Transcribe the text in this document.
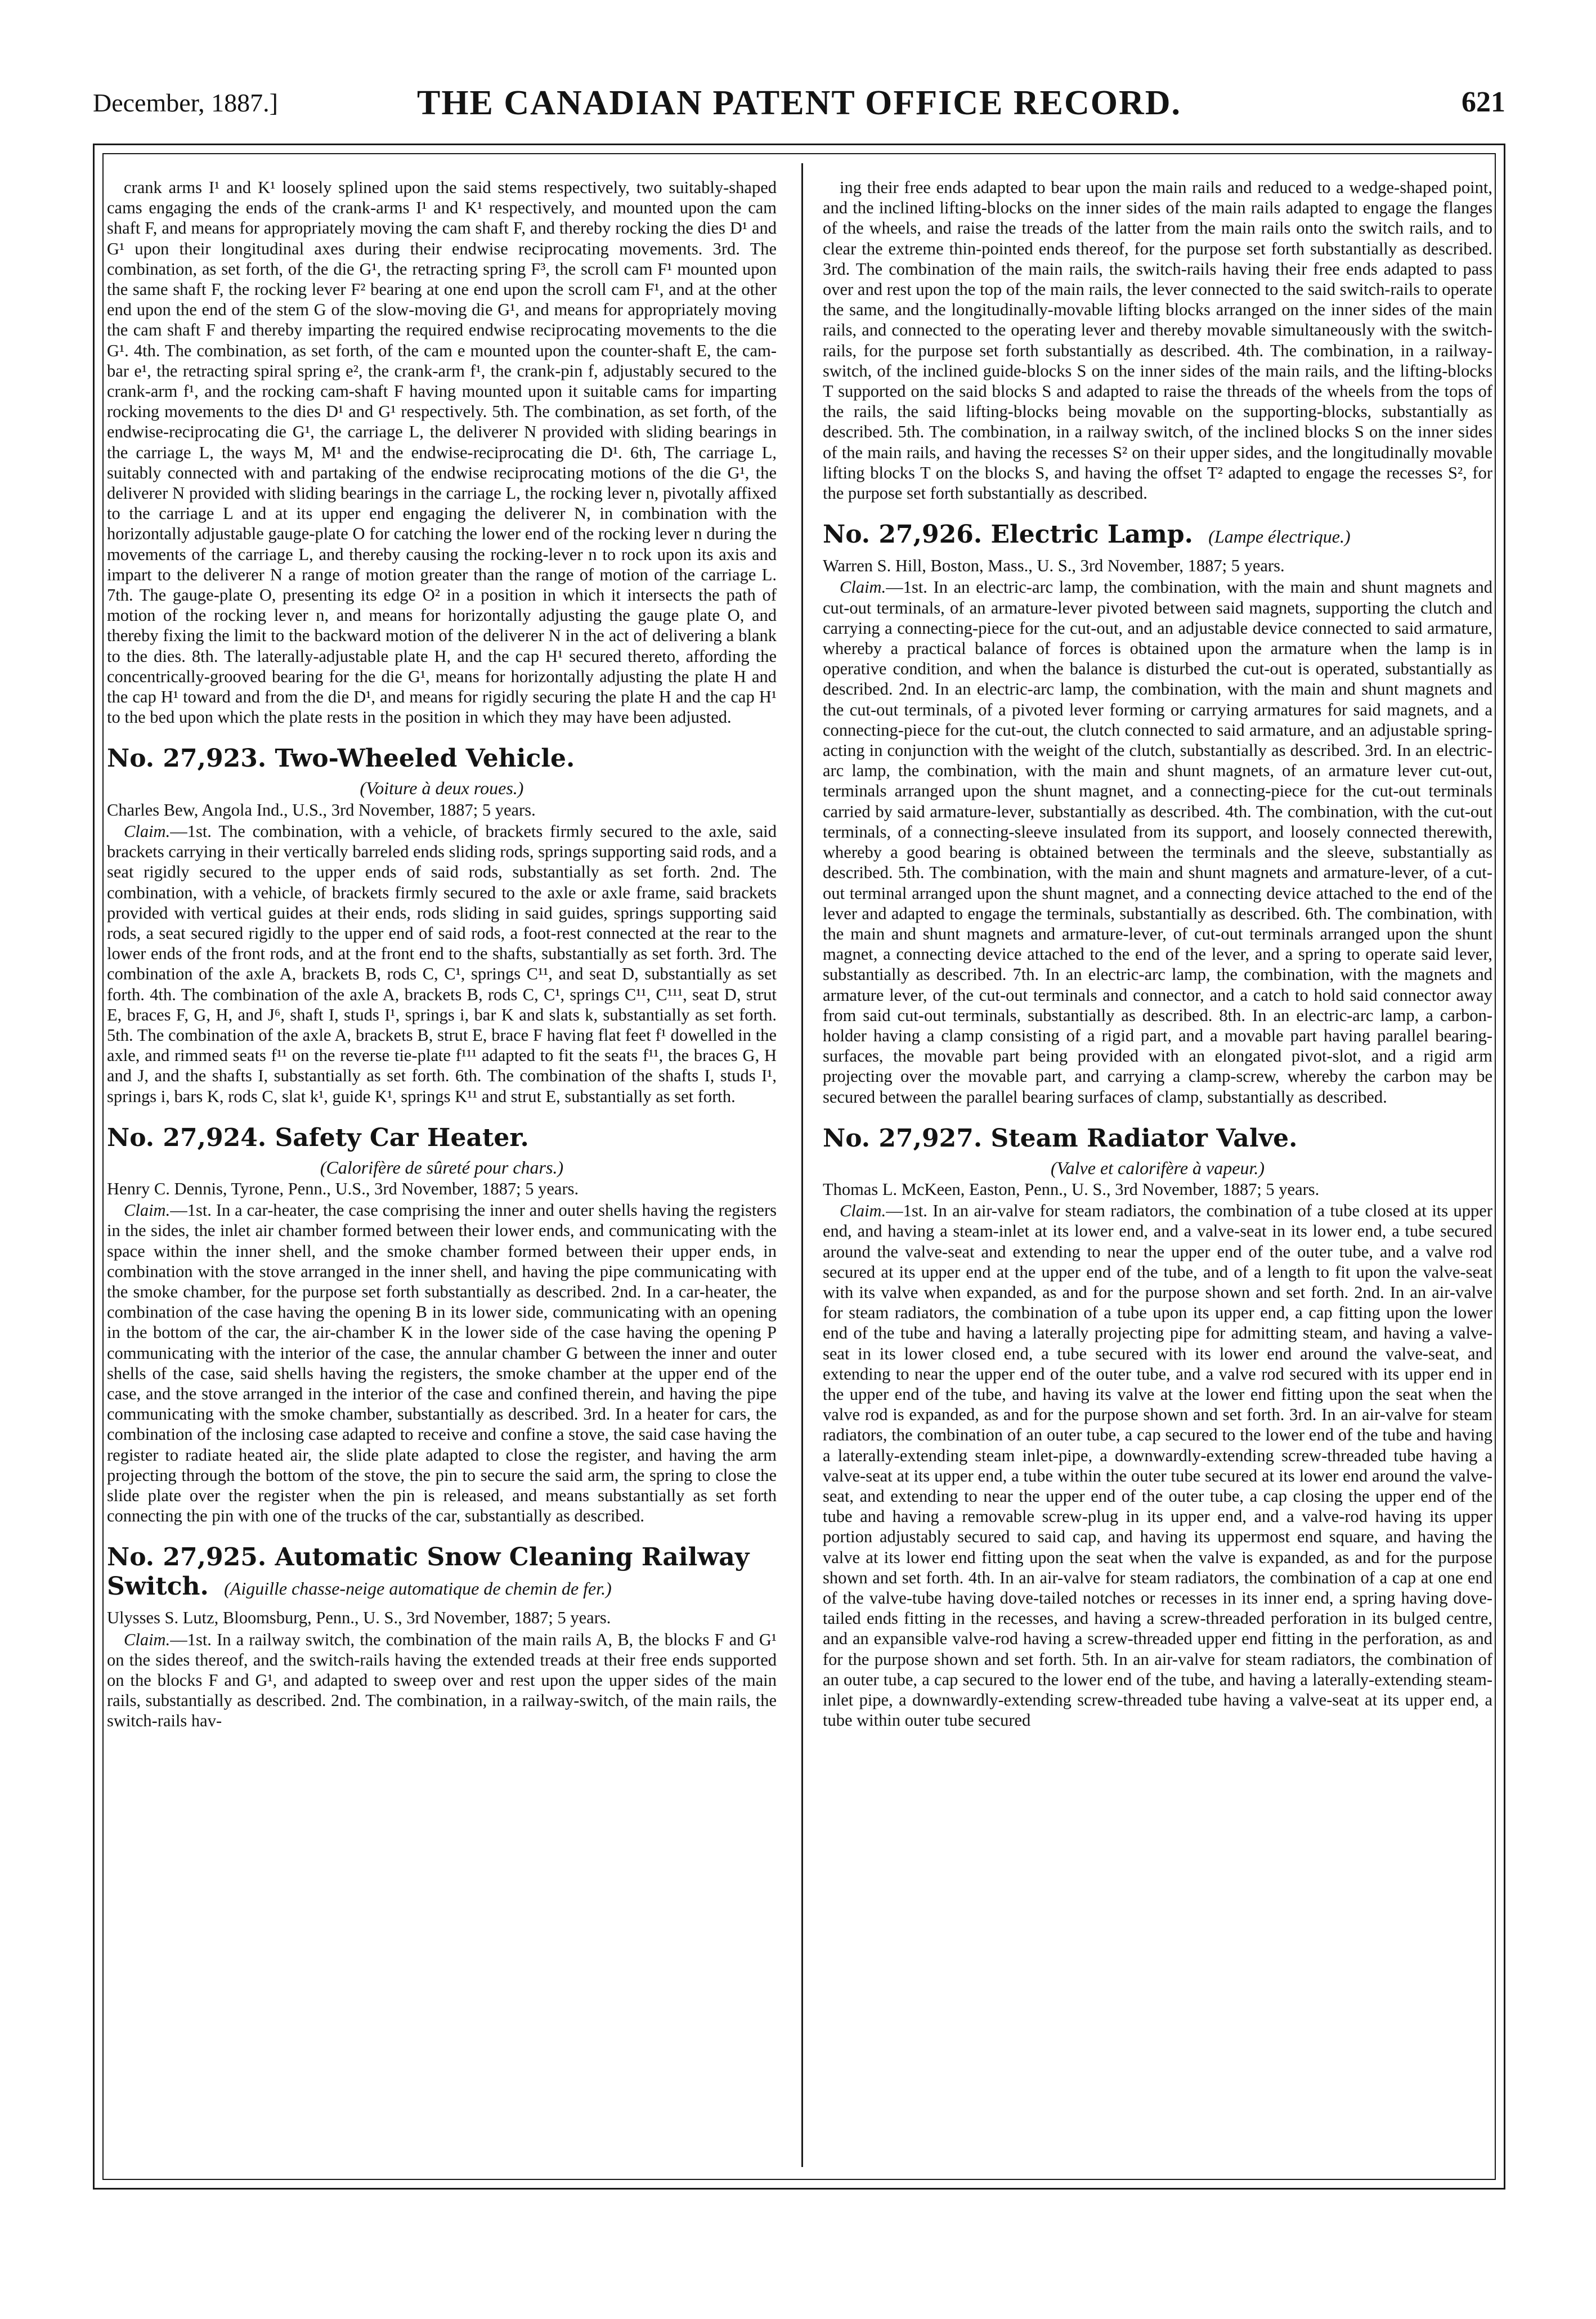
December, 1887.]	THE CANADIAN PATENT OFFICE RECORD.	621

crank arms I¹ and K¹ loosely splined upon the said stems respectively, two suitably-shaped cams engaging the ends of the crank-arms I¹ and K¹ respectively, and mounted upon the cam shaft F, and means for appropriately moving the cam shaft F, and thereby rocking the dies D¹ and G¹ upon their longitudinal axes during their endwise reciprocating movements. 3rd. The combination, as set forth, of the die G¹, the retracting spring F³, the scroll cam F¹ mounted upon the same shaft F, the rocking lever F² bearing at one end upon the scroll cam F¹, and at the other end upon the end of the stem G of the slow-moving die G¹, and means for appropriately moving the cam shaft F and thereby imparting the required endwise reciprocating movements to the die G¹. 4th. The combination, as set forth, of the cam e mounted upon the counter-shaft E, the cam-bar e¹, the retracting spiral spring e², the crank-arm f¹, the crank-pin f, adjustably secured to the crank-arm f¹, and the rocking cam-shaft F having mounted upon it suitable cams for imparting rocking movements to the dies D¹ and G¹ respectively. 5th. The combination, as set forth, of the endwise-reciprocating die G¹, the carriage L, the deliverer N provided with sliding bearings in the carriage L, the ways M, M¹ and the endwise-reciprocating die D¹. 6th, The carriage L, suitably connected with and partaking of the endwise reciprocating motions of the die G¹, the deliverer N provided with sliding bearings in the carriage L, the rocking lever n, pivotally affixed to the carriage L and at its upper end engaging the deliverer N, in combination with the horizontally adjustable gauge-plate O for catching the lower end of the rocking lever n during the movements of the carriage L, and thereby causing the rocking-lever n to rock upon its axis and impart to the deliverer N a range of motion greater than the range of motion of the carriage L. 7th. The gauge-plate O, presenting its edge O² in a position in which it intersects the path of motion of the rocking lever n, and means for horizontally adjusting the gauge plate O, and thereby fixing the limit to the backward motion of the deliverer N in the act of delivering a blank to the dies. 8th. The laterally-adjustable plate H, and the cap H¹ secured thereto, affording the concentrically-grooved bearing for the die G¹, means for horizontally adjusting the plate H and the cap H¹ toward and from the die D¹, and means for rigidly securing the plate H and the cap H¹ to the bed upon which the plate rests in the position in which they may have been adjusted.

No. 27,923. Two-Wheeled Vehicle.

(Voiture à deux roues.)

Charles Bew, Angola Ind., U.S., 3rd November, 1887; 5 years.

Claim.—1st. The combination, with a vehicle, of brackets firmly secured to the axle, said brackets carrying in their vertically barreled ends sliding rods, springs supporting said rods, and a seat rigidly secured to the upper ends of said rods, substantially as set forth. 2nd. The combination, with a vehicle, of brackets firmly secured to the axle or axle frame, said brackets provided with vertical guides at their ends, rods sliding in said guides, springs supporting said rods, a seat secured rigidly to the upper end of said rods, a foot-rest connected at the rear to the lower ends of the front rods, and at the front end to the shafts, substantially as set forth. 3rd. The combination of the axle A, brackets B, rods C, C¹, springs C¹¹, and seat D, substantially as set forth. 4th. The combination of the axle A, brackets B, rods C, C¹, springs C¹¹, C¹¹¹, seat D, strut E, braces F, G, H, and J⁶, shaft I, studs I¹, springs i, bar K and slats k, substantially as set forth. 5th. The combination of the axle A, brackets B, strut E, brace F having flat feet f¹ dowelled in the axle, and rimmed seats f¹¹ on the reverse tie-plate f¹¹¹ adapted to fit the seats f¹¹, the braces G, H and J, and the shafts I, substantially as set forth. 6th. The combination of the shafts I, studs I¹, springs i, bars K, rods C, slat k¹, guide K¹, springs K¹¹ and strut E, substantially as set forth.

No. 27,924. Safety Car Heater.

(Calorifère de sûreté pour chars.)

Henry C. Dennis, Tyrone, Penn., U.S., 3rd November, 1887; 5 years.

Claim.—1st. In a car-heater, the case comprising the inner and outer shells having the registers in the sides, the inlet air chamber formed between their lower ends, and communicating with the space within the inner shell, and the smoke chamber formed between their upper ends, in combination with the stove arranged in the inner shell, and having the pipe communicating with the smoke chamber, for the purpose set forth substantially as described. 2nd. In a car-heater, the combination of the case having the opening B in its lower side, communicating with an opening in the bottom of the car, the air-chamber K in the lower side of the case having the opening P communicating with the interior of the case, the annular chamber G between the inner and outer shells of the case, said shells having the registers, the smoke chamber at the upper end of the case, and the stove arranged in the interior of the case and confined therein, and having the pipe communicating with the smoke chamber, substantially as described. 3rd. In a heater for cars, the combination of the inclosing case adapted to receive and confine a stove, the said case having the register to radiate heated air, the slide plate adapted to close the register, and having the arm projecting through the bottom of the stove, the pin to secure the said arm, the spring to close the slide plate over the register when the pin is released, and means substantially as set forth connecting the pin with one of the trucks of the car, substantially as described.

No. 27,925. Automatic Snow Cleaning Railway Switch. (Aiguille chasse-neige automatique de chemin de fer.)

Ulysses S. Lutz, Bloomsburg, Penn., U. S., 3rd November, 1887; 5 years.

Claim.—1st. In a railway switch, the combination of the main rails A, B, the blocks F and G¹ on the sides thereof, and the switch-rails having the extended treads at their free ends supported on the blocks F and G¹, and adapted to sweep over and rest upon the upper sides of the main rails, substantially as described. 2nd. The combination, in a railway-switch, of the main rails, the switch-rails hav-

ing their free ends adapted to bear upon the main rails and reduced to a wedge-shaped point, and the inclined lifting-blocks on the inner sides of the main rails adapted to engage the flanges of the wheels, and raise the treads of the latter from the main rails onto the switch rails, and to clear the extreme thin-pointed ends thereof, for the purpose set forth substantially as described. 3rd. The combination of the main rails, the switch-rails having their free ends adapted to pass over and rest upon the top of the main rails, the lever connected to the said switch-rails to operate the same, and the longitudinally-movable lifting blocks arranged on the inner sides of the main rails, and connected to the operating lever and thereby movable simultaneously with the switch-rails, for the purpose set forth substantially as described. 4th. The combination, in a railway-switch, of the inclined guide-blocks S on the inner sides of the main rails, and the lifting-blocks T supported on the said blocks S and adapted to raise the threads of the wheels from the tops of the rails, the said lifting-blocks being movable on the supporting-blocks, substantially as described. 5th. The combination, in a railway switch, of the inclined blocks S on the inner sides of the main rails, and having the recesses S² on their upper sides, and the longitudinally movable lifting blocks T on the blocks S, and having the offset T² adapted to engage the recesses S², for the purpose set forth substantially as described.

No. 27,926. Electric Lamp. (Lampe électrique.)

Warren S. Hill, Boston, Mass., U. S., 3rd November, 1887; 5 years.

Claim.—1st. In an electric-arc lamp, the combination, with the main and shunt magnets and cut-out terminals, of an armature-lever pivoted between said magnets, supporting the clutch and carrying a connecting-piece for the cut-out, and an adjustable device connected to said armature, whereby a practical balance of forces is obtained upon the armature when the lamp is in operative condition, and when the balance is disturbed the cut-out is operated, substantially as described. 2nd. In an electric-arc lamp, the combination, with the main and shunt magnets and the cut-out terminals, of a pivoted lever forming or carrying armatures for said magnets, and a connecting-piece for the cut-out, the clutch connected to said armature, and an adjustable spring-acting in conjunction with the weight of the clutch, substantially as described. 3rd. In an electric-arc lamp, the combination, with the main and shunt magnets, of an armature lever cut-out, terminals arranged upon the shunt magnet, and a connecting-piece for the cut-out terminals carried by said armature-lever, substantially as described. 4th. The combination, with the cut-out terminals, of a connecting-sleeve insulated from its support, and loosely connected therewith, whereby a good bearing is obtained between the terminals and the sleeve, substantially as described. 5th. The combination, with the main and shunt magnets and armature-lever, of a cut-out terminal arranged upon the shunt magnet, and a connecting device attached to the end of the lever and adapted to engage the terminals, substantially as described. 6th. The combination, with the main and shunt magnets and armature-lever, of cut-out terminals arranged upon the shunt magnet, a connecting device attached to the end of the lever, and a spring to operate said lever, substantially as described. 7th. In an electric-arc lamp, the combination, with the magnets and armature lever, of the cut-out terminals and connector, and a catch to hold said connector away from said cut-out terminals, substantially as described. 8th. In an electric-arc lamp, a carbon-holder having a clamp consisting of a rigid part, and a movable part having parallel bearing-surfaces, the movable part being provided with an elongated pivot-slot, and a rigid arm projecting over the movable part, and carrying a clamp-screw, whereby the carbon may be secured between the parallel bearing surfaces of clamp, substantially as described.

No. 27,927. Steam Radiator Valve.

(Valve et calorifère à vapeur.)

Thomas L. McKeen, Easton, Penn., U. S., 3rd November, 1887; 5 years.

Claim.—1st. In an air-valve for steam radiators, the combination of a tube closed at its upper end, and having a steam-inlet at its lower end, and a valve-seat in its lower end, a tube secured around the valve-seat and extending to near the upper end of the outer tube, and a valve rod secured at its upper end at the upper end of the tube, and of a length to fit upon the valve-seat with its valve when expanded, as and for the purpose shown and set forth. 2nd. In an air-valve for steam radiators, the combination of a tube upon its upper end, a cap fitting upon the lower end of the tube and having a laterally projecting pipe for admitting steam, and having a valve-seat in its lower closed end, a tube secured with its lower end around the valve-seat, and extending to near the upper end of the outer tube, and a valve rod secured with its upper end in the upper end of the tube, and having its valve at the lower end fitting upon the seat when the valve rod is expanded, as and for the purpose shown and set forth. 3rd. In an air-valve for steam radiators, the combination of an outer tube, a cap secured to the lower end of the tube and having a laterally-extending steam inlet-pipe, a downwardly-extending screw-threaded tube having a valve-seat at its upper end, a tube within the outer tube secured at its lower end around the valve-seat, and extending to near the upper end of the outer tube, a cap closing the upper end of the tube and having a removable screw-plug in its upper end, and a valve-rod having its upper portion adjustably secured to said cap, and having its uppermost end square, and having the valve at its lower end fitting upon the seat when the valve is expanded, as and for the purpose shown and set forth. 4th. In an air-valve for steam radiators, the combination of a cap at one end of the valve-tube having dove-tailed notches or recesses in its inner end, a spring having dove-tailed ends fitting in the recesses, and having a screw-threaded perforation in its bulged centre, and an expansible valve-rod having a screw-threaded upper end fitting in the perforation, as and for the purpose shown and set forth. 5th. In an air-valve for steam radiators, the combination of an outer tube, a cap secured to the lower end of the tube, and having a laterally-extending steam-inlet pipe, a downwardly-extending screw-threaded tube having a valve-seat at its upper end, a tube within outer tube secured
